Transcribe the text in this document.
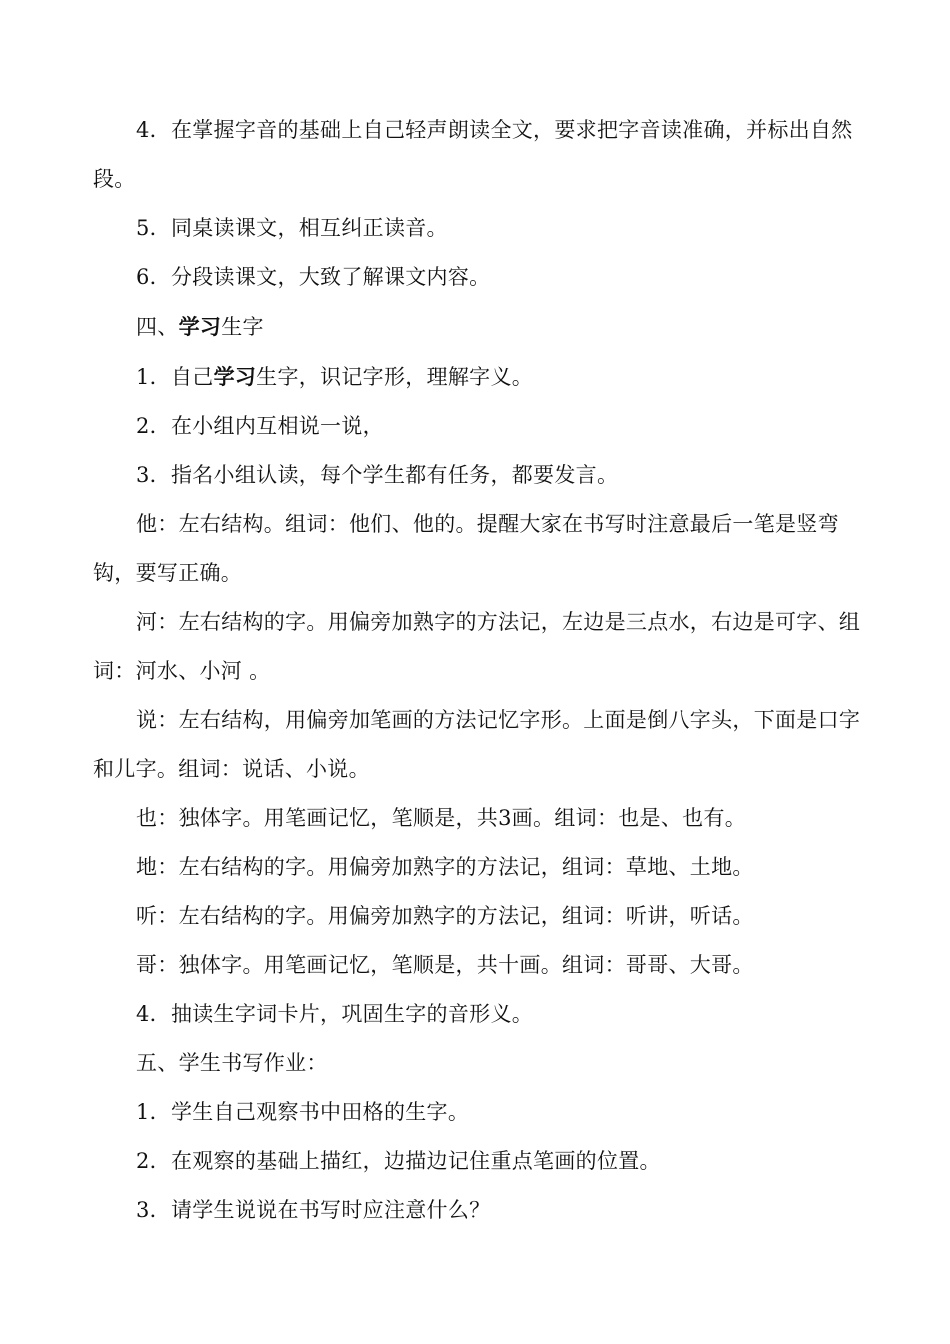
4．在掌握字音的基础上自己轻声朗读全文，要求把字音读准确，并标出自然段。

5．同桌读课文，相互纠正读音。

6．分段读课文，大致了解课文内容。

四、学习生字

1．自己学习生字，识记字形，理解字义。

2．在小组内互相说一说，

3．指名小组认读，每个学生都有任务，都要发言。

他：左右结构。组词：他们、他的。提醒大家在书写时注意最后一笔是竖弯钩，要写正确。

河：左右结构的字。用偏旁加熟字的方法记，左边是三点水，右边是可字、组词：河水、小河 。

说：左右结构，用偏旁加笔画的方法记忆字形。上面是倒八字头，下面是口字和儿字。组词：说话、小说。

也：独体字。用笔画记忆，笔顺是，共3画。组词：也是、也有。

地：左右结构的字。用偏旁加熟字的方法记，组词：草地、土地。

听：左右结构的字。用偏旁加熟字的方法记，组词：听讲，听话。

哥：独体字。用笔画记忆，笔顺是，共十画。组词：哥哥、大哥。

4．抽读生字词卡片，巩固生字的音形义。

五、学生书写作业：

1．学生自己观察书中田格的生字。

2．在观察的基础上描红，边描边记住重点笔画的位置。

3．请学生说说在书写时应注意什么？
